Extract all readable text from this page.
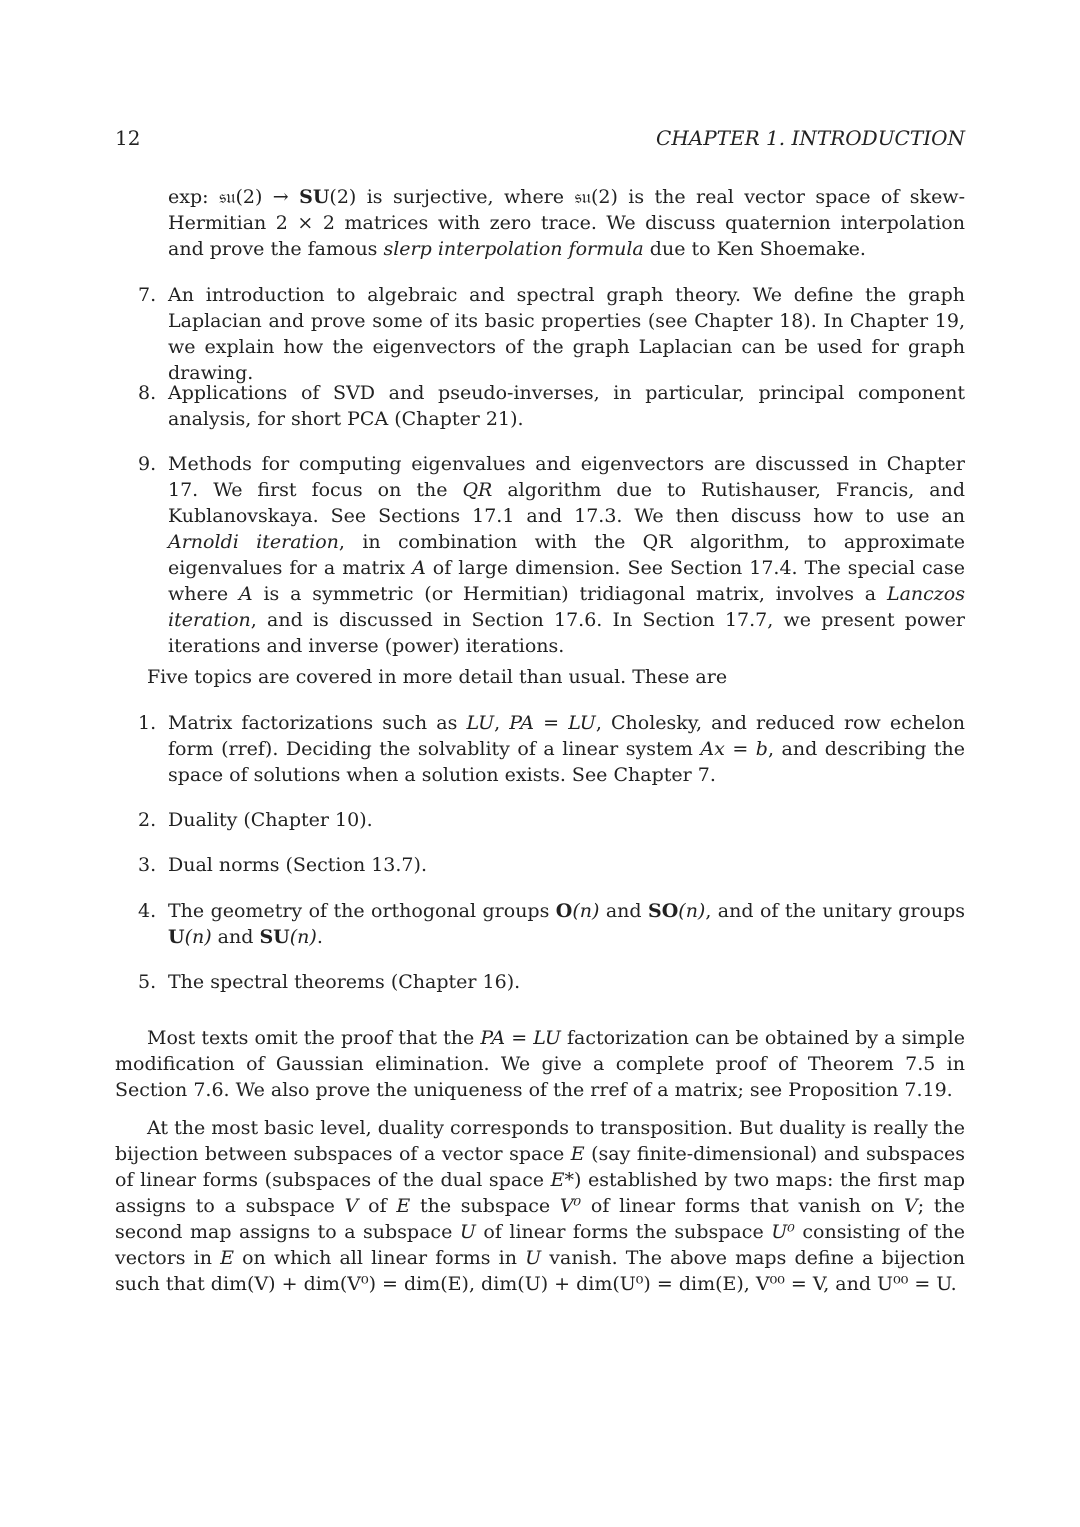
12	CHAPTER 1. INTRODUCTION
exp: 𝔰𝔲(2) → SU(2) is surjective, where 𝔰𝔲(2) is the real vector space of skew-Hermitian 2 × 2 matrices with zero trace. We discuss quaternion interpolation and prove the famous slerp interpolation formula due to Ken Shoemake.
7. An introduction to algebraic and spectral graph theory. We define the graph Laplacian and prove some of its basic properties (see Chapter 18). In Chapter 19, we explain how the eigenvectors of the graph Laplacian can be used for graph drawing.
8. Applications of SVD and pseudo-inverses, in particular, principal component analysis, for short PCA (Chapter 21).
9. Methods for computing eigenvalues and eigenvectors are discussed in Chapter 17. We first focus on the QR algorithm due to Rutishauser, Francis, and Kublanovskaya. See Sections 17.1 and 17.3. We then discuss how to use an Arnoldi iteration, in combination with the QR algorithm, to approximate eigenvalues for a matrix A of large dimension. See Section 17.4. The special case where A is a symmetric (or Hermitian) tridiagonal matrix, involves a Lanczos iteration, and is discussed in Section 17.6. In Section 17.7, we present power iterations and inverse (power) iterations.
Five topics are covered in more detail than usual. These are
1. Matrix factorizations such as LU, PA = LU, Cholesky, and reduced row echelon form (rref). Deciding the solvablity of a linear system Ax = b, and describing the space of solutions when a solution exists. See Chapter 7.
2. Duality (Chapter 10).
3. Dual norms (Section 13.7).
4. The geometry of the orthogonal groups O(n) and SO(n), and of the unitary groups U(n) and SU(n).
5. The spectral theorems (Chapter 16).
Most texts omit the proof that the PA = LU factorization can be obtained by a simple modification of Gaussian elimination. We give a complete proof of Theorem 7.5 in Section 7.6. We also prove the uniqueness of the rref of a matrix; see Proposition 7.19.
At the most basic level, duality corresponds to transposition. But duality is really the bijection between subspaces of a vector space E (say finite-dimensional) and subspaces of linear forms (subspaces of the dual space E*) established by two maps: the first map assigns to a subspace V of E the subspace V⁰ of linear forms that vanish on V; the second map assigns to a subspace U of linear forms the subspace U⁰ consisting of the vectors in E on which all linear forms in U vanish. The above maps define a bijection such that dim(V) + dim(V⁰) = dim(E), dim(U) + dim(U⁰) = dim(E), V⁰⁰ = V, and U⁰⁰ = U.
